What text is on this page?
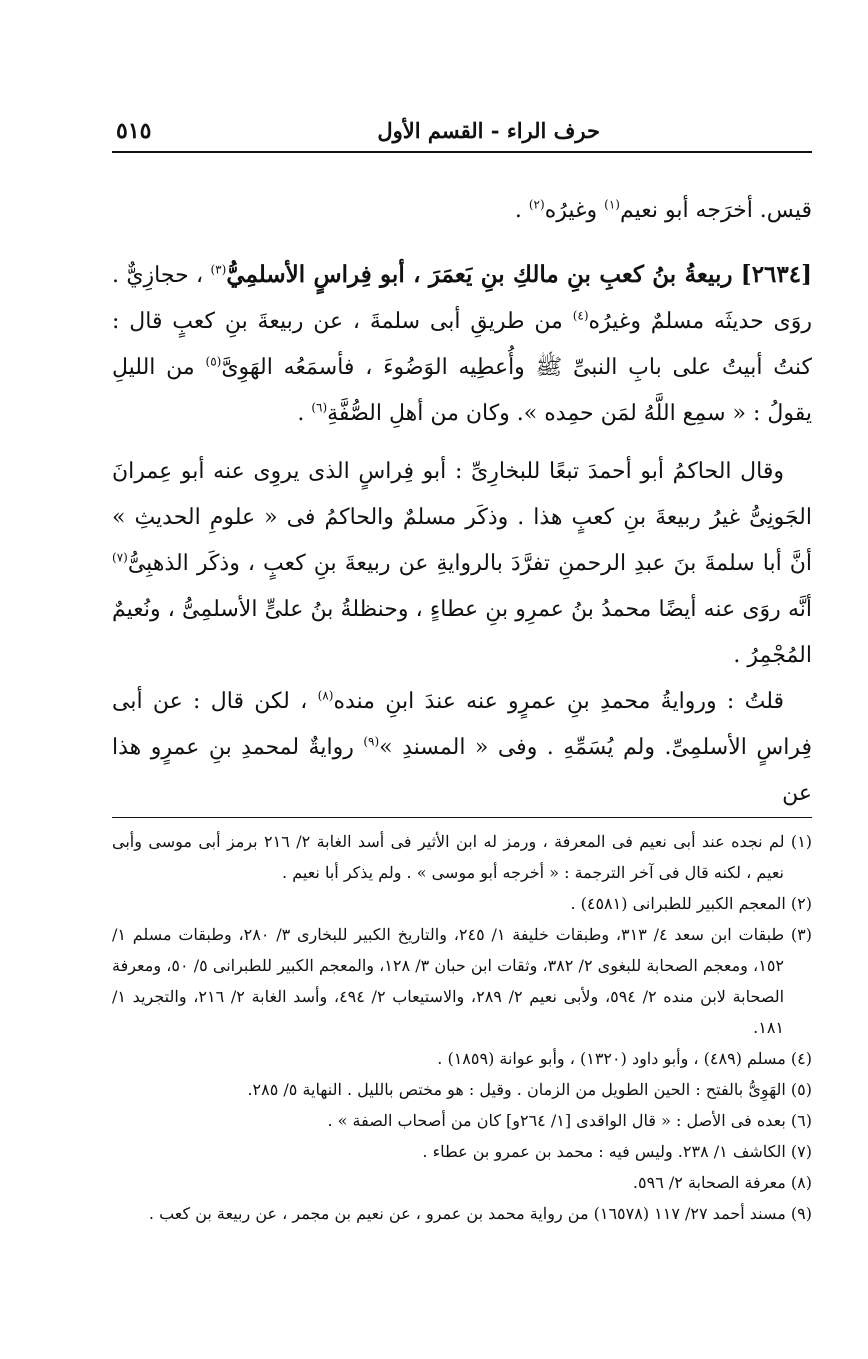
حرف الراء - القسم الأول
٥١٥

قيس. أخرَجه أبو نعيم$^{(١)}$ وغيرُه$^{(٢)}$ .

[٢٦٣٤] ربيعةُ بنُ كعبِ بنِ مالكِ بنِ يَعمَرَ ، أبو فِراسٍ الأسلمِيُّ$^{(٣)}$ ، حجازِيٌّ . روَى حديثَه مسلمٌ وغيرُه$^{(٤)}$ من طريقِ أبى سلمةَ ، عن ربيعةَ بنِ كعبٍ قال : كنتُ أبيتُ على بابِ النبىِّ ﷺ وأُعطِيه الوَضُوءَ ، فأسمَعُه الهَوِىَّ$^{(٥)}$ من الليلِ يقولُ : « سمِع اللَّهُ لمَن حمِده ». وكان من أهلِ الصُّفَّةِ$^{(٦)}$ .

وقال الحاكمُ أبو أحمدَ تبعًا للبخارِىِّ : أبو فِراسٍ الذى يروِى عنه أبو عِمرانَ الجَونِىُّ غيرُ ربيعةَ بنِ كعبٍ هذا . وذكَر مسلمٌ والحاكمُ فى « علومِ الحديثِ » أنَّ أبا سلمةَ بنَ عبدِ الرحمنِ تفرَّدَ بالروايةِ عن ربيعةَ بنِ كعبٍ ، وذكَر الذهبِىُّ$^{(٧)}$ أنَّه روَى عنه أيضًا محمدُ بنُ عمرِو بنِ عطاءٍ ، وحنظلةُ بنُ علىٍّ الأسلمِىُّ ، ونُعيمٌ المُجْمِرُ .

قلتُ : وروايةُ محمدِ بنِ عمرٍو عنه عندَ ابنِ منده$^{(٨)}$ ، لكن قال : عن أبى فِراسٍ الأسلمِىِّ. ولم يُسَمِّهِ . وفى « المسندِ »$^{(٩)}$ روايةٌ لمحمدِ بنِ عمرٍو هذا عن

(١) لم نجده عند أبى نعيم فى المعرفة ، ورمز له ابن الأثير فى أسد الغابة ٢/ ٢١٦ برمز أبى موسى وأبى نعيم ، لكنه قال فى آخر الترجمة : « أخرجه أبو موسى » . ولم يذكر أبا نعيم .

(٢) المعجم الكبير للطبرانى (٤٥٨١) .

(٣) طبقات ابن سعد ٤/ ٣١٣، وطبقات خليفة ١/ ٢٤٥، والتاريخ الكبير للبخارى ٣/ ٢٨٠، وطبقات مسلم ١/ ١٥٢، ومعجم الصحابة للبغوى ٢/ ٣٨٢، وثقات ابن حبان ٣/ ١٢٨، والمعجم الكبير للطبرانى ٥/ ٥٠، ومعرفة الصحابة لابن منده ٢/ ٥٩٤، ولأبى نعيم ٢/ ٢٨٩، والاستيعاب ٢/ ٤٩٤، وأسد الغابة ٢/ ٢١٦، والتجريد ١/ ١٨١.

(٤) مسلم (٤٨٩) ، وأبو داود (١٣٢٠) ، وأبو عوانة (١٨٥٩) .

(٥) الهَوِىُّ بالفتح : الحين الطويل من الزمان . وقيل : هو مختص بالليل . النهاية ٥/ ٢٨٥.

(٦) بعده فى الأصل : « قال الواقدى [١/ ٢٦٤و] كان من أصحاب الصفة » .

(٧) الكاشف ١/ ٢٣٨. وليس فيه : محمد بن عمرو بن عطاء .

(٨) معرفة الصحابة ٢/ ٥٩٦.

(٩) مسند أحمد ٢٧/ ١١٧ (١٦٥٧٨) من رواية محمد بن عمرو ، عن نعيم بن مجمر ، عن ربيعة بن كعب .
